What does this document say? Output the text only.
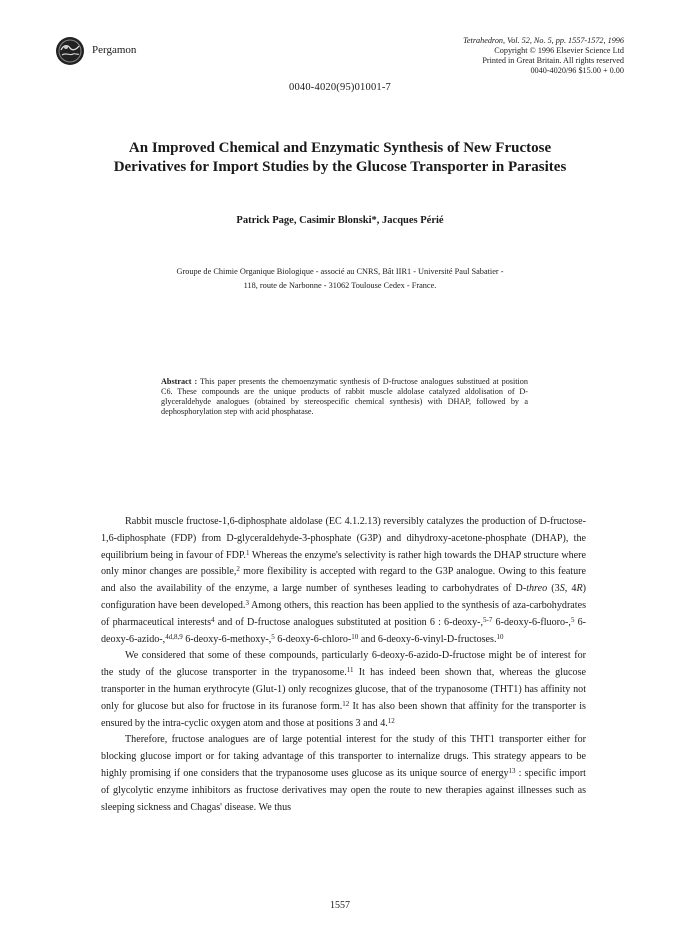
Pergamon
Tetrahedron, Vol. 52, No. 5, pp. 1557-1572, 1996
Copyright © 1996 Elsevier Science Ltd
Printed in Great Britain. All rights reserved
0040-4020/96 $15.00 + 0.00
0040-4020(95)01001-7
An Improved Chemical and Enzymatic Synthesis of New Fructose
Derivatives for Import Studies by the Glucose Transporter in Parasites
Patrick Page, Casimir Blonski*, Jacques Périé
Groupe de Chimie Organique Biologique - associé au CNRS, Bât IIR1 - Université Paul Sabatier -
118, route de Narbonne - 31062 Toulouse Cedex - France.
Abstract : This paper presents the chemoenzymatic synthesis of D-fructose analogues substitued at position C6. These compounds are the unique products of rabbit muscle aldolase catalyzed aldolisation of D-glyceraldehyde analogues (obtained by stereospecific chemical synthesis) with DHAP, followed by a dephosphorylation step with acid phosphatase.

Rabbit muscle fructose-1,6-diphosphate aldolase (EC 4.1.2.13) reversibly catalyzes the production of D-fructose-1,6-diphosphate (FDP) from D-glyceraldehyde-3-phosphate (G3P) and dihydroxy-acetone-phosphate (DHAP), the equilibrium being in favour of FDP.$^1$ Whereas the enzyme's selectivity is rather high towards the DHAP structure where only minor changes are possible,$^2$ more flexibility is accepted with regard to the G3P analogue. Owing to this feature and also the availability of the enzyme, a large number of syntheses leading to carbohydrates of D-threo (3S, 4R) configuration have been developed.$^3$ Among others, this reaction has been applied to the synthesis of aza-carbohydrates of pharmaceutical interests$^4$ and of D-fructose analogues substituted at position 6 : 6-deoxy-,$^{5-7}$ 6-deoxy-6-fluoro-,$^5$ 6-deoxy-6-azido-,$^{4d,8,9}$ 6-deoxy-6-methoxy-,$^5$ 6-deoxy-6-chloro-$^{10}$ and 6-deoxy-6-vinyl-D-fructoses.$^{10}$

We considered that some of these compounds, particularly 6-deoxy-6-azido-D-fructose might be of interest for the study of the glucose transporter in the trypanosome.$^{11}$ It has indeed been shown that, whereas the glucose transporter in the human erythrocyte (Glut-1) only recognizes glucose, that of the trypanosome (THT1) has affinity not only for glucose but also for fructose in its furanose form.$^{12}$ It has also been shown that affinity for the transporter is ensured by the intra-cyclic oxygen atom and those at positions 3 and 4.12

Therefore, fructose analogues are of large potential interest for the study of this THT1 transporter either for blocking glucose import or for taking advantage of this transporter to internalize drugs. This strategy appears to be highly promising if one considers that the trypanosome uses glucose as its unique source of energy$^{13}$ : specific import of glycolytic enzyme inhibitors as fructose derivatives may open the route to new therapies against illnesses such as sleeping sickness and Chagas' disease. We thus

1557
